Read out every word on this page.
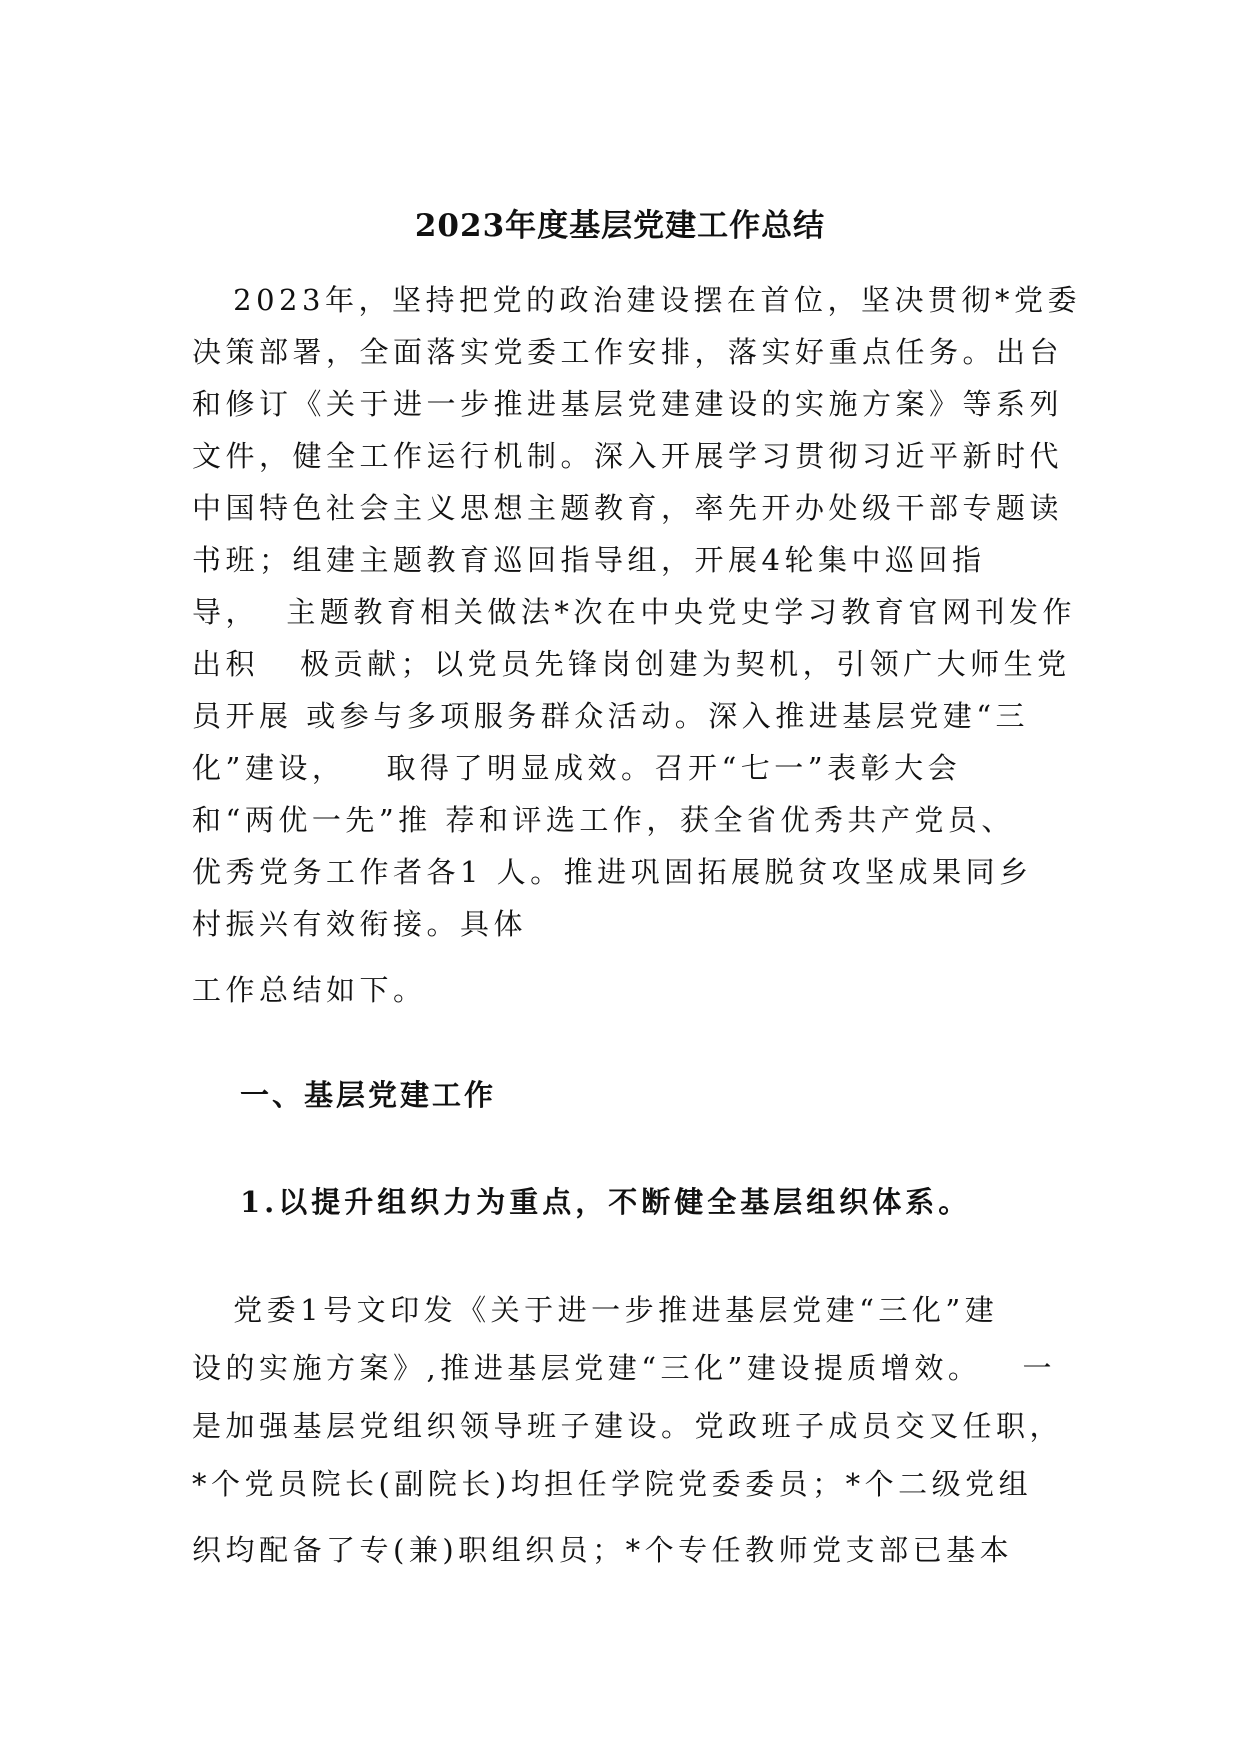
2023年度基层党建工作总结
2023年，坚持把党的政治建设摆在首位，坚决贯彻*党委
决策部署，全面落实党委工作安排，落实好重点任务。出台
和修订《关于进一步推进基层党建建设的实施方案》等系列
文件，健全工作运行机制。深入开展学习贯彻习近平新时代
中国特色社会主义思想主题教育，率先开办处级干部专题读
书班；组建主题教育巡回指导组，开展4轮集中巡回指
导，  主题教育相关做法*次在中央党史学习教育官网刊发作
出积   极贡献；以党员先锋岗创建为契机，引领广大师生党
员开展 或参与多项服务群众活动。深入推进基层党建“三
化”建设，   取得了明显成效。召开“七一”表彰大会
和“两优一先”推 荐和评选工作，获全省优秀共产党员、
优秀党务工作者各1 人。推进巩固拓展脱贫攻坚成果同乡
村振兴有效衔接。具体
工作总结如下。
一、基层党建工作
1.以提升组织力为重点，不断健全基层组织体系。
党委1号文印发《关于进一步推进基层党建“三化”建
设的实施方案》,推进基层党建“三化”建设提质增效。   一
是加强基层党组织领导班子建设。党政班子成员交叉任职，
*个党员院长(副院长)均担任学院党委委员；*个二级党组
织均配备了专(兼)职组织员；*个专任教师党支部已基本
